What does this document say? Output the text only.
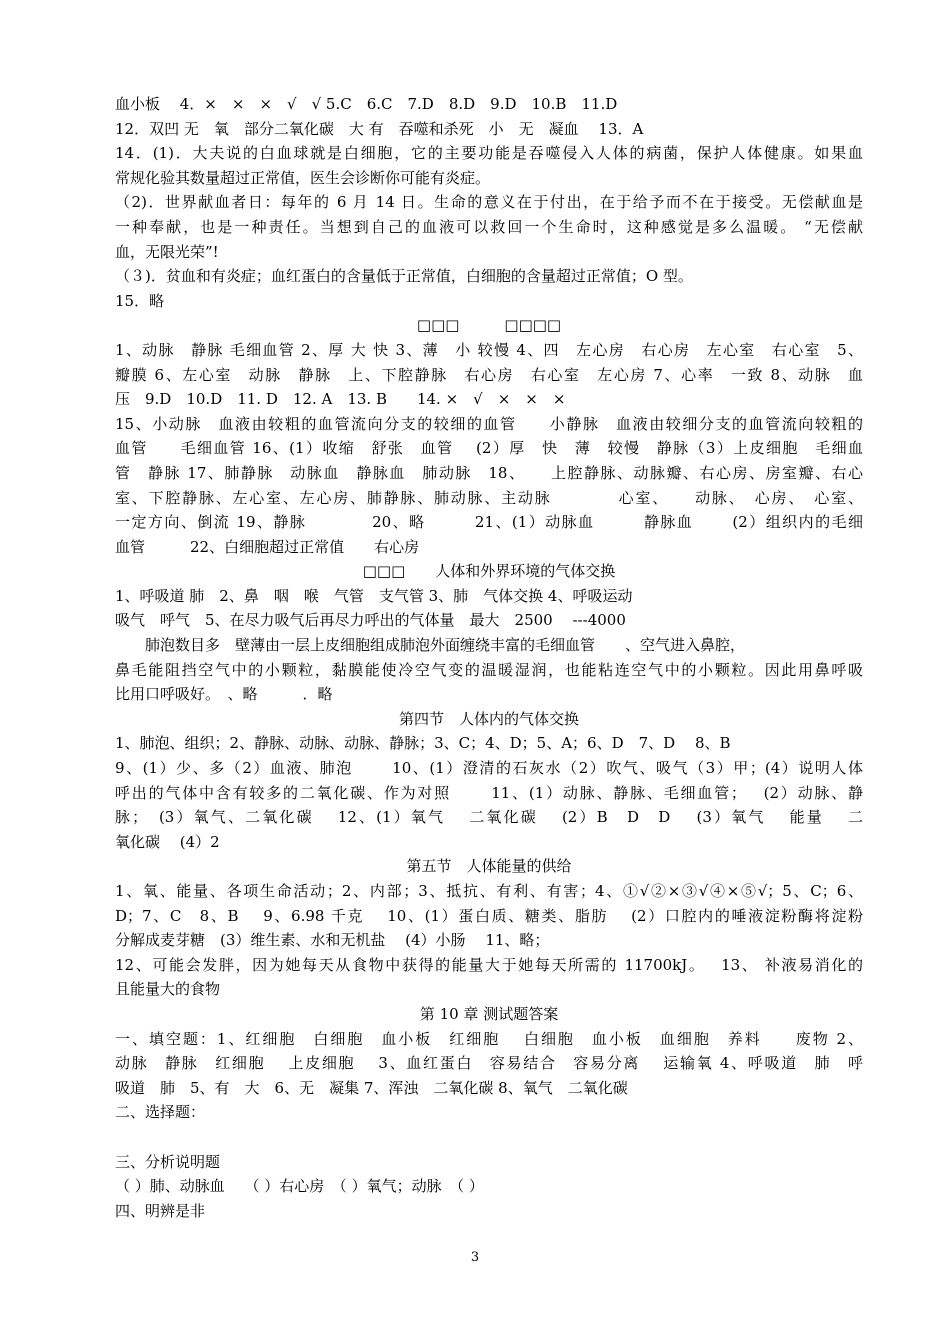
血小板　 4．×　×　×　√　√ 5.C　6.C　7.D　8.D　9.D　10.B　11.D
12．双凹 无　氧　部分二氧化碳　大 有　吞噬和杀死　小　无　凝血　 13．A
14．(1)．大夫说的白血球就是白细胞，它的主要功能是吞噬侵入人体的病菌，保护人体健康。如果血
常规化验其数量超过正常值，医生会诊断你可能有炎症。
（2)．世界献血者日：每年的 6 月 14 日。生命的意义在于付出，在于给予而不在于接受。无偿献血是
一种奉献，也是一种责任。当想到自己的血液可以救回一个生命时，这种感觉是多么温暖。 “无偿献
血，无限光荣”!
（３)．贫血和有炎症；血红蛋白的含量低于正常值，白细胞的含量超过正常值；O 型。
15．略
□□□　　　□□□□
1、动脉　静脉 毛细血管 2、厚 大 快 3、薄　小 较慢 4、四　左心房　右心房　左心室　右心室　5、
瓣膜 6、左心室　动脉　静脉　上、下腔静脉　右心房　右心室　左心房 7、心率　一致 8、动脉　血
压　9.D　10.D　11. D　12. A　13. B　　14. ×　√　×　×　×
15、小动脉　血液由较粗的血管流向分支的较细的血管　　小静脉　血液由较细分支的血管流向较粗的
血管　　毛细血管 16、(1）收缩　舒张　血管　 (2）厚　快　薄　较慢　静脉（3）上皮细胞　毛细血
管　静脉 17、肺静脉　动脉血　静脉血　肺动脉　18、　　上腔静脉、动脉瓣、右心房、房室瓣、右心
室、下腔静脉、左心室、左心房、肺静脉、肺动脉、主动脉　　　　心室、　　动脉、　心房、　心室、
一定方向、倒流 19、静脉　　　　20、略　　　21、(1）动脉血　　　静脉血　　 (2）组织内的毛细
血管　　　22、白细胞超过正常值　　右心房
□□□　　人体和外界环境的气体交换
1、呼吸道 肺　2、鼻　咽　喉　气管　支气管 3、肺　气体交换 4、呼吸运动
吸气　呼气　5、在尽力吸气后再尽力呼出的气体量　最大　2500　 ---4000
　　肺泡数目多　壁薄由一层上皮细胞组成肺泡外面缠绕丰富的毛细血管　　、空气进入鼻腔，
鼻毛能阻挡空气中的小颗粒，黏膜能使冷空气变的温暖湿润，也能粘连空气中的小颗粒。因此用鼻呼吸
比用口呼吸好。　、略　　　．略
第四节　人体内的气体交换
1、肺泡、组织；2、静脉、动脉、动脉、静脉；3、C；4、D；5、A；6、D　7、D　 8、B
9、(1）少、多（2）血液、肺泡　　 10、(1）澄清的石灰水（2）吹气、吸气（3）甲；(4）说明人体
呼出的气体中含有较多的二氧化碳、作为对照　　 11、(1）动脉、静脉、毛细血管；　 (2）动脉、静
脉；　(3）氧气、二氧化碳　 12、(1）氧气　 二氧化碳　 (2）B　D　D　 (3）氧气　 能量　 二
氧化碳　 (4）2
第五节　人体能量的供给
1、氧、能量、各项生命活动；2、内部；3、抵抗、有利、有害；4、①√②×③√④×⑤√；5、C；6、
D；7、C　8、B　 9、6.98 千克　 10、(1）蛋白质、糖类、脂肪　 (2）口腔内的唾液淀粉酶将淀粉
分解成麦芽糖　(3）维生素、水和无机盐　 (4）小肠　 11、略；
12、可能会发胖，因为她每天从食物中获得的能量大于她每天所需的 11700kJ。　 13、 补液易消化的
且能量大的食物
第 10 章 测试题答案
一、填空题：1、红细胞　白细胞　血小板　红细胞　 白细胞　血小板　血细胞　养料　　废物 2、
动脉　静脉　红细胞　 上皮细胞　 3、血红蛋白　容易结合　容易分离　 运输氧 4、呼吸道　肺　呼
吸道　肺　5、有　大　6、无　凝集 7、浑浊　二氧化碳 8、氧气　二氧化碳
二、选择题：
三、分析说明题
（ ）肺、动脉血　 （ ）右心房　（ ）氧气；动脉　（ ）
四、明辨是非
3
